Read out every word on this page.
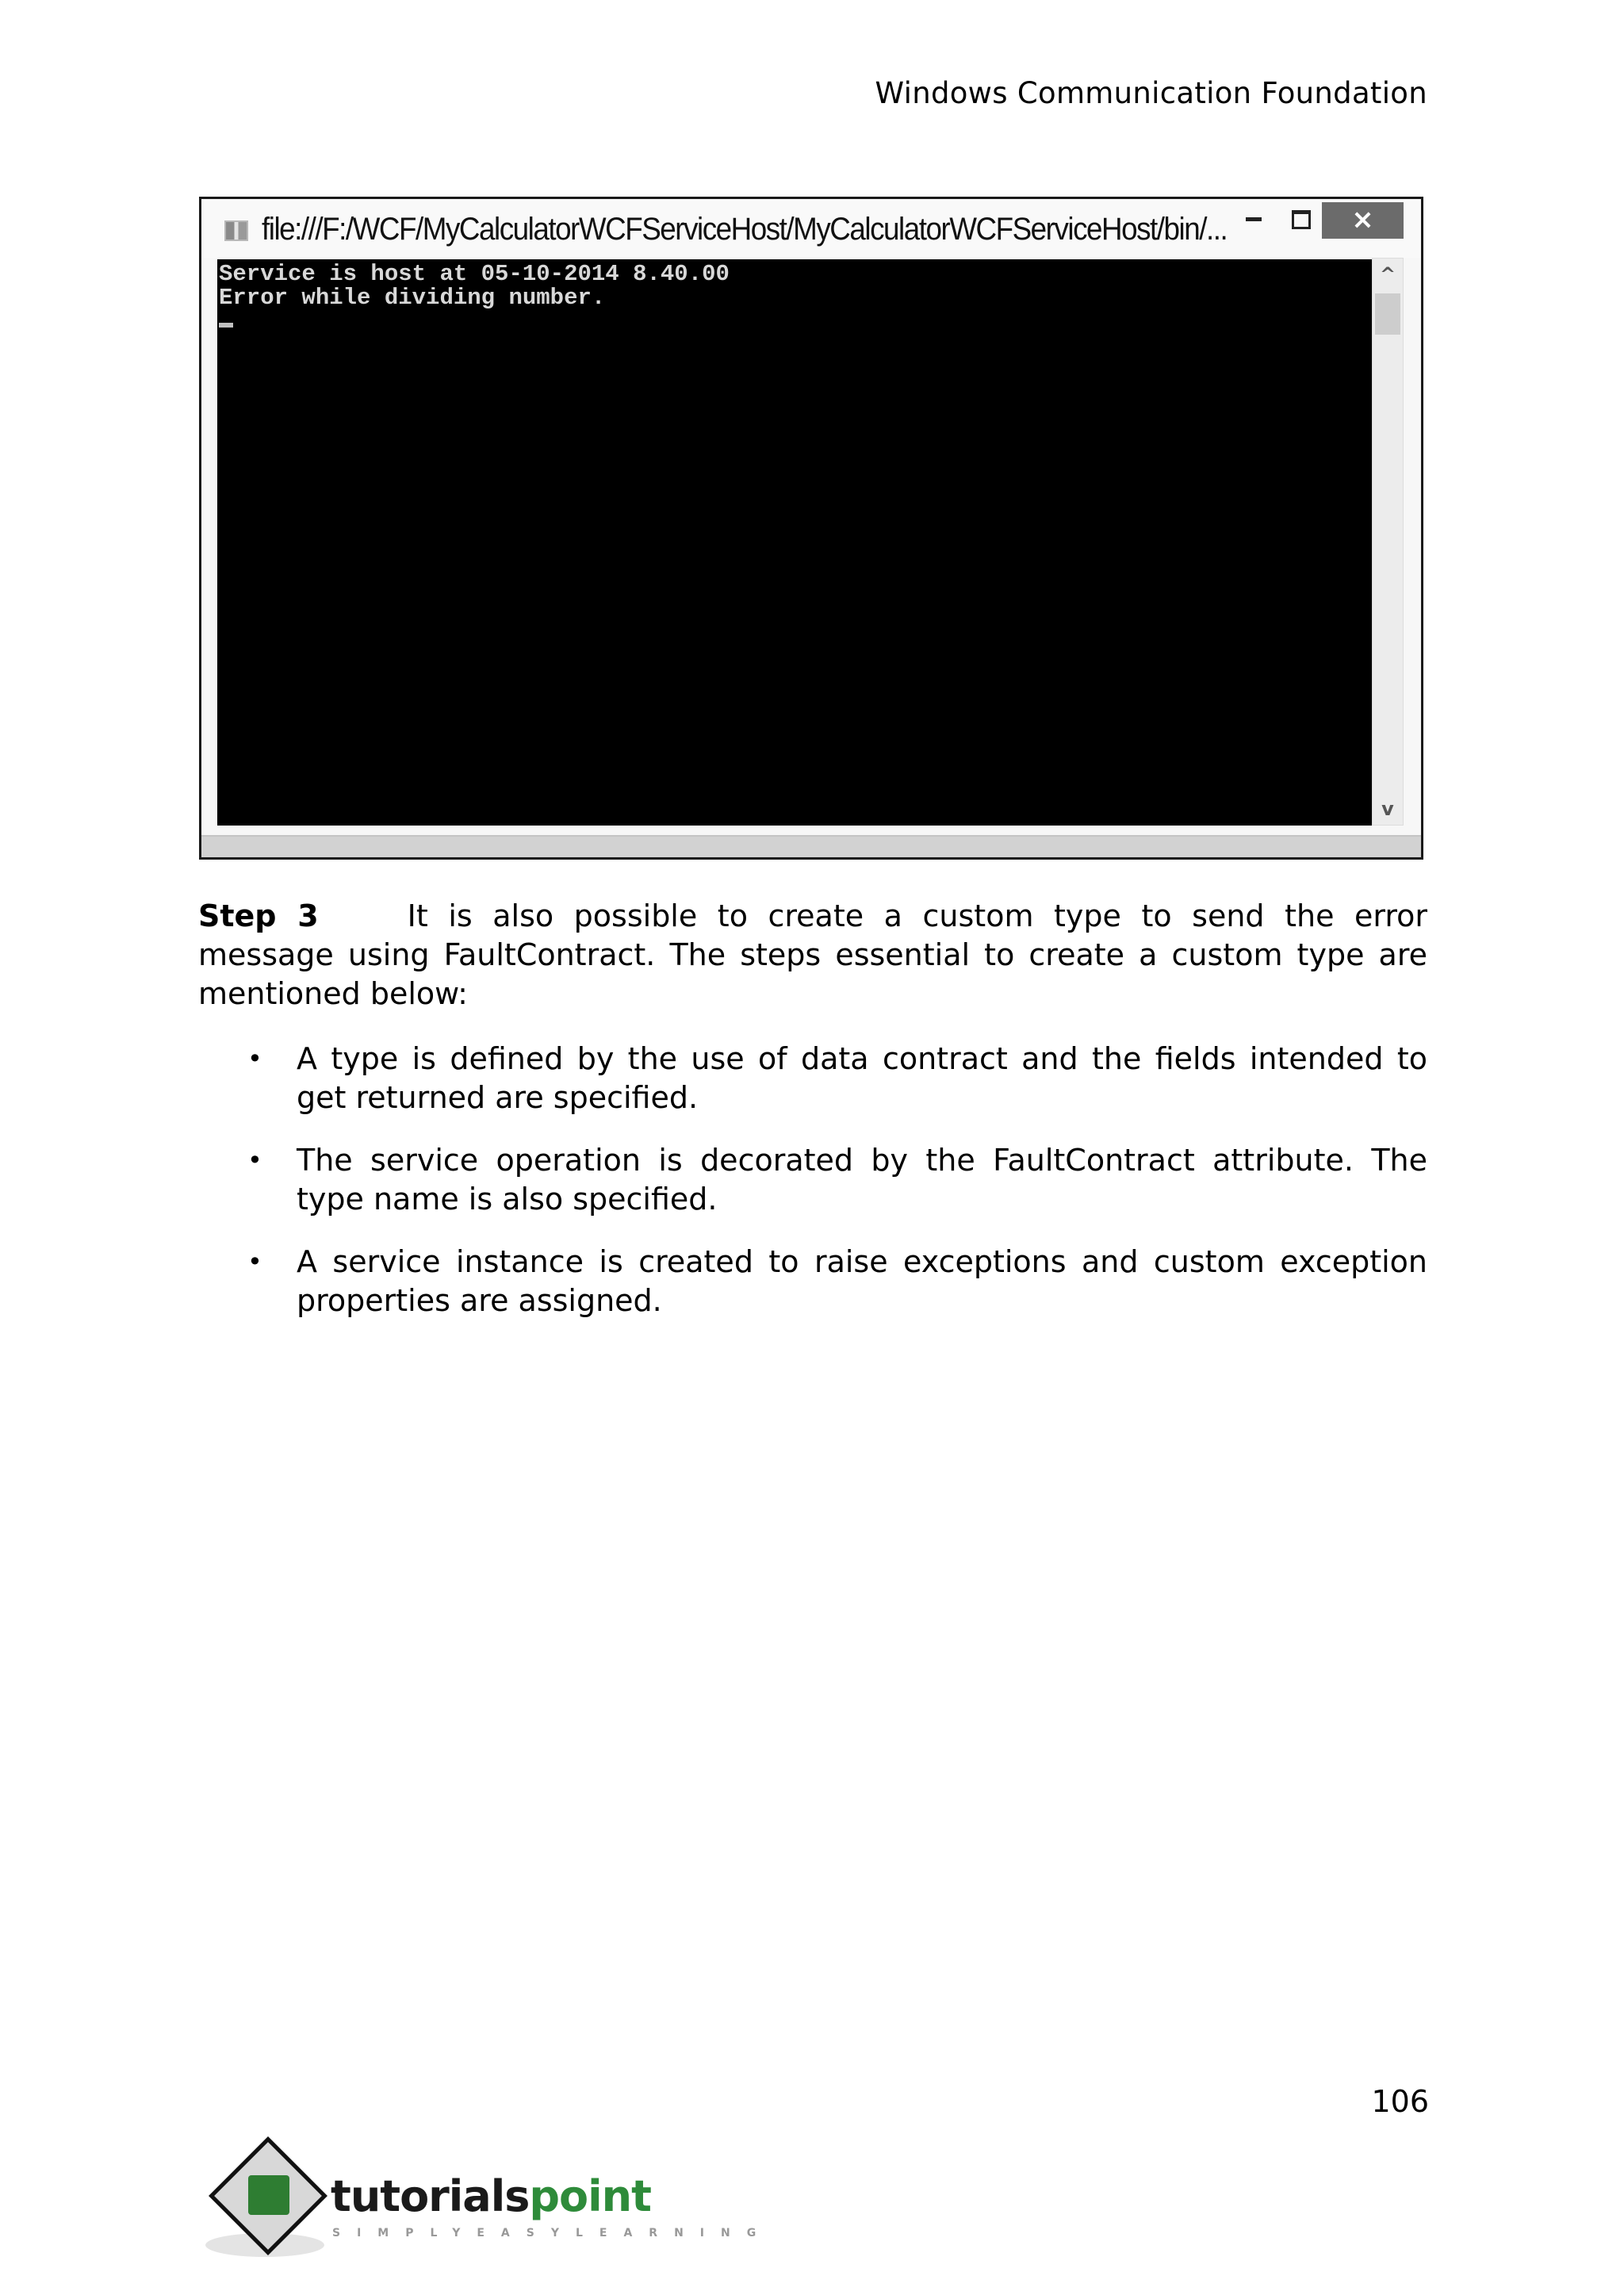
Windows Communication Foundation
file:///F:/WCF/MyCalculatorWCFServiceHost/MyCalculatorWCFServiceHost/bin/...	×
Service is host at 05-10-2014 8.40.00
Error while dividing number.
^
v

Step 3	It is also possible to create a custom type to send the error message using FaultContract. The steps essential to create a custom type are mentioned below:

• A type is defined by the use of data contract and the fields intended to get returned are specified.
• The service operation is decorated by the FaultContract attribute. The type name is also specified.
• A service instance is created to raise exceptions and custom exception properties are assigned.
106
tutorialspoint
SIMPLYEASYLEARNING
